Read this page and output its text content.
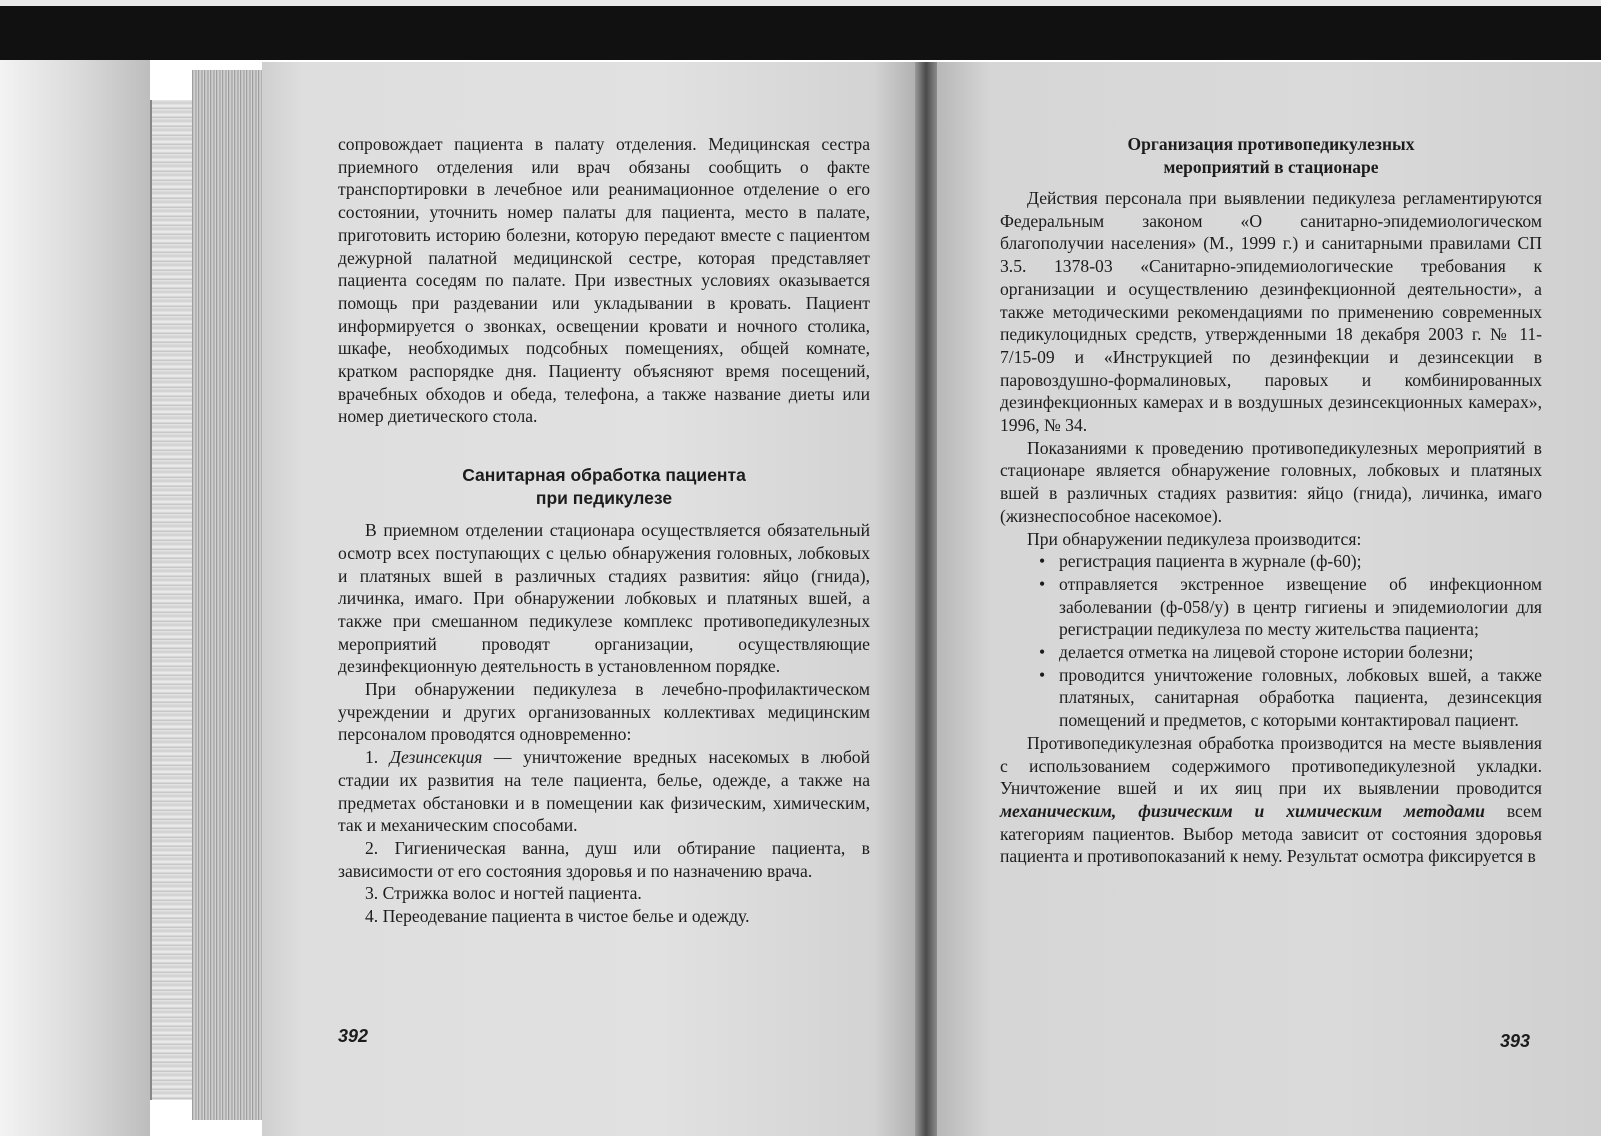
сопровождает пациента в палату отделения. Медицинская сестра приемного отделения или врач обязаны сообщить о факте транспортировки в лечебное или реанимационное отделение о его состоянии, уточнить номер палаты для пациента, место в палате, приготовить историю болезни, которую передают вместе с пациентом дежурной палатной медицинской сестре, которая представляет пациента соседям по палате. При известных условиях оказывается помощь при раздевании или укладывании в кровать. Пациент информируется о звонках, освещении кровати и ночного столика, шкафе, необходимых подсобных помещениях, общей комнате, кратком распорядке дня. Пациенту объясняют время посещений, врачебных обходов и обеда, телефона, а также название диеты или номер диетического стола.

Санитарная обработка пациента
при педикулезе

В приемном отделении стационара осуществляется обязательный осмотр всех поступающих с целью обнаружения головных, лобковых и платяных вшей в различных стадиях развития: яйцо (гнида), личинка, имаго. При обнаружении лобковых и платяных вшей, а также при смешанном педикулезе комплекс противопедикулезных мероприятий проводят организации, осуществляющие дезинфекционную деятельность в установленном порядке.

При обнаружении педикулеза в лечебно-профилактическом учреждении и других организованных коллективах медицинским персоналом проводятся одновременно:

1. Дезинсекция — уничтожение вредных насекомых в любой стадии их развития на теле пациента, белье, одежде, а также на предметах обстановки и в помещении как физическим, химическим, так и механическим способами.

2. Гигиеническая ванна, душ или обтирание пациента, в зависимости от его состояния здоровья и по назначению врача.

3. Стрижка волос и ногтей пациента.

4. Переодевание пациента в чистое белье и одежду.

392
Организация противопедикулезных
мероприятий в стационаре

Действия персонала при выявлении педикулеза регламентируются Федеральным законом «О санитарно-эпидемиологическом благополучии населения» (М., 1999 г.) и санитарными правилами СП 3.5. 1378-03 «Санитарно-эпидемиологические требования к организации и осуществлению дезинфекционной деятельности», а также методическими рекомендациями по применению современных педикулоцидных средств, утвержденными 18 декабря 2003 г. № 11-7/15-09 и «Инструкцией по дезинфекции и дезинсекции в паровоздушно-формалиновых, паровых и комбинированных дезинфекционных камерах и в воздушных дезинсекционных камерах», 1996, № 34.

Показаниями к проведению противопедикулезных мероприятий в стационаре является обнаружение головных, лобковых и платяных вшей в различных стадиях развития: яйцо (гнида), личинка, имаго (жизнеспособное насекомое).

При обнаружении педикулеза производится:

• регистрация пациента в журнале (ф-60);
• отправляется экстренное извещение об инфекционном заболевании (ф-058/у) в центр гигиены и эпидемиологии для регистрации педикулеза по месту жительства пациента;
• делается отметка на лицевой стороне истории болезни;
• проводится уничтожение головных, лобковых вшей, а также платяных, санитарная обработка пациента, дезинсекция помещений и предметов, с которыми контактировал пациент.

Противопедикулезная обработка производится на месте выявления с использованием содержимого противопедикулезной укладки. Уничтожение вшей и их яиц при их выявлении проводится механическим, физическим и химическим методами всем категориям пациентов. Выбор метода зависит от состояния здоровья пациента и противопоказаний к нему. Результат осмотра фиксируется в

393
